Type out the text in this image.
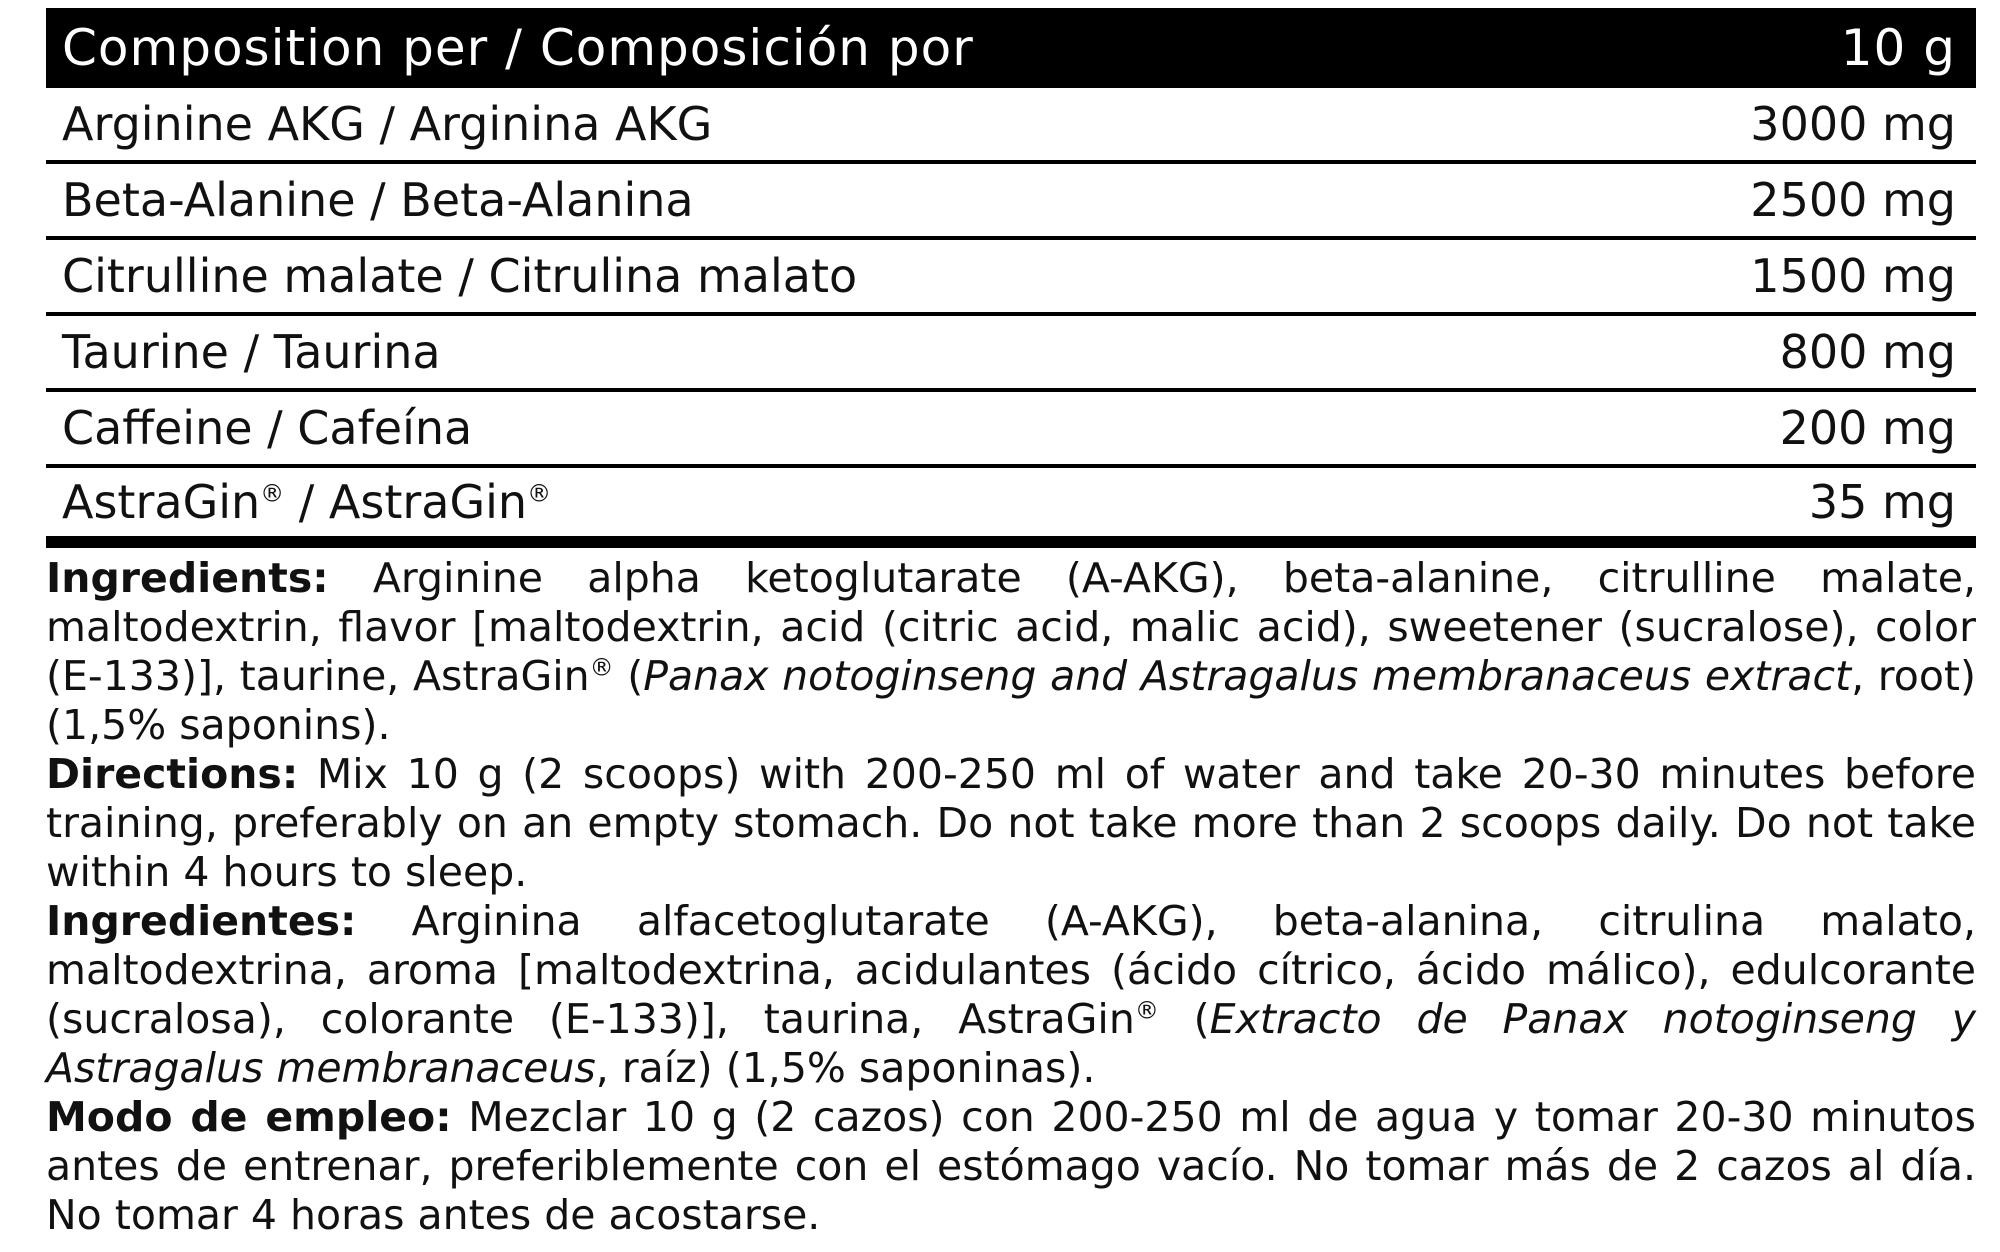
Composition per / Composición por	10 g
Arginine AKG / Arginina AKG	3000 mg
Beta-Alanine / Beta-Alanina	2500 mg
Citrulline malate / Citrulina malato	1500 mg
Taurine / Taurina	800 mg
Caffeine / Cafeína	200 mg
AstraGin® / AstraGin®	35 mg

Ingredients: Arginine alpha ketoglutarate (A-AKG), beta-alanine, citrulline malate, maltodextrin, flavor [maltodextrin, acid (citric acid, malic acid), sweetener (sucralose), color (E-133)], taurine, AstraGin® (Panax notoginseng and Astragalus membranaceus extract, root) (1,5% saponins).

Directions: Mix 10 g (2 scoops) with 200-250 ml of water and take 20-30 minutes before training, preferably on an empty stomach. Do not take more than 2 scoops daily. Do not take within 4 hours to sleep.

Ingredientes: Arginina alfacetoglutarate (A-AKG), beta-alanina, citrulina malato, maltodextrina, aroma [maltodextrina, acidulantes (ácido cítrico, ácido málico), edulcorante (sucralosa), colorante (E-133)], taurina, AstraGin® (Extracto de Panax notoginseng y Astragalus membranaceus, raíz) (1,5% saponinas).

Modo de empleo: Mezclar 10 g (2 cazos) con 200-250 ml de agua y tomar 20-30 minutos antes de entrenar, preferiblemente con el estómago vacío. No tomar más de 2 cazos al día. No tomar 4 horas antes de acostarse.
